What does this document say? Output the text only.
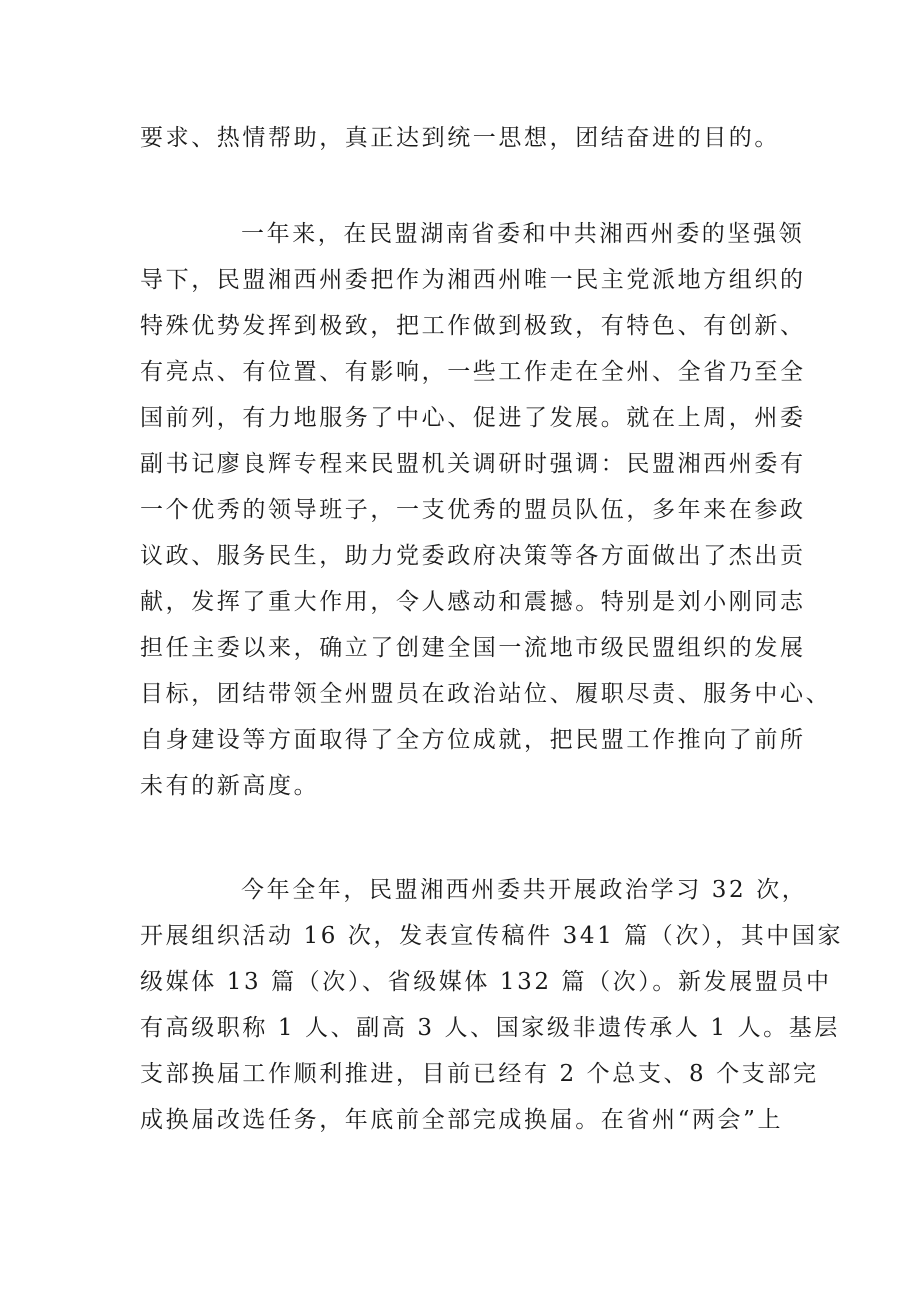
要求、热情帮助，真正达到统一思想，团结奋进的目的。

一年来，在民盟湖南省委和中共湘西州委的坚强领

导下，民盟湘西州委把作为湘西州唯一民主党派地方组织的

特殊优势发挥到极致，把工作做到极致，有特色、有创新、

有亮点、有位置、有影响，一些工作走在全州、全省乃至全

国前列，有力地服务了中心、促进了发展。就在上周，州委

副书记廖良辉专程来民盟机关调研时强调：民盟湘西州委有

一个优秀的领导班子，一支优秀的盟员队伍，多年来在参政

议政、服务民生，助力党委政府决策等各方面做出了杰出贡

献，发挥了重大作用，令人感动和震撼。特别是刘小刚同志

担任主委以来，确立了创建全国一流地市级民盟组织的发展

目标，团结带领全州盟员在政治站位、履职尽责、服务中心、

自身建设等方面取得了全方位成就，把民盟工作推向了前所

未有的新高度。

今年全年，民盟湘西州委共开展政治学习 32 次，

开展组织活动 16 次，发表宣传稿件 341 篇（次），其中国家

级媒体 13 篇（次）、省级媒体 132 篇（次）。新发展盟员中

有高级职称 1 人、副高 3 人、国家级非遗传承人 1 人。基层

支部换届工作顺利推进，目前已经有 2 个总支、8 个支部完

成换届改选任务，年底前全部完成换届。在省州“两会”上
